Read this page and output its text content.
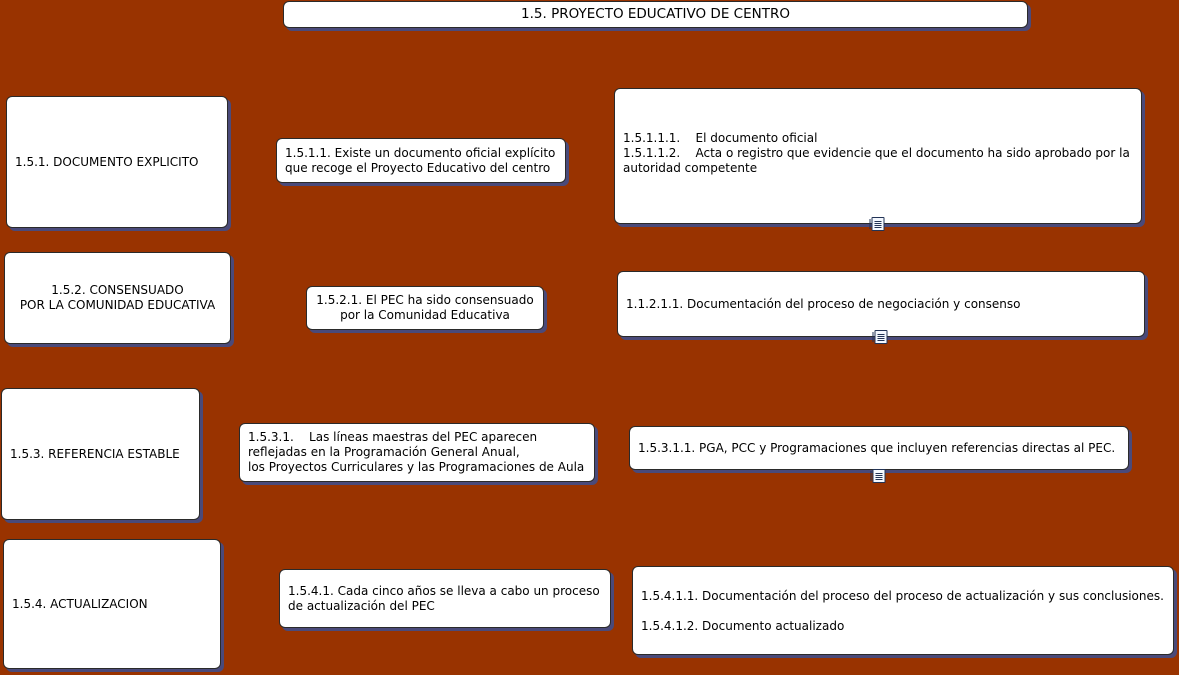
1.5. PROYECTO EDUCATIVO DE CENTRO
1.5.1. DOCUMENTO EXPLICITO
1.5.1.1. Existe un documento oficial explícito
que recoge el Proyecto Educativo del centro
1.5.1.1.1.    El documento oficial
1.5.1.1.2.    Acta o registro que evidencie que el documento ha sido aprobado por la autoridad competente
1.5.2. CONSENSUADO
POR LA COMUNIDAD EDUCATIVA	1.5.2.1. El PEC ha sido consensuado
por la Comunidad Educativa
1.1.2.1.1. Documentación del proceso de negociación y consenso
1.5.3. REFERENCIA ESTABLE
1.5.3.1.    Las líneas maestras del PEC aparecen
reflejadas en la Programación General Anual,
los Proyectos Curriculares y las Programaciones de Aula
1.5.3.1.1. PGA, PCC y Programaciones que incluyen referencias directas al PEC.
1.5.4. ACTUALIZACION
1.5.4.1. Cada cinco años se lleva a cabo un proceso
de actualización del PEC
1.5.4.1.1. Documentación del proceso del proceso de actualización y sus conclusiones.
1.5.4.1.2. Documento actualizado
